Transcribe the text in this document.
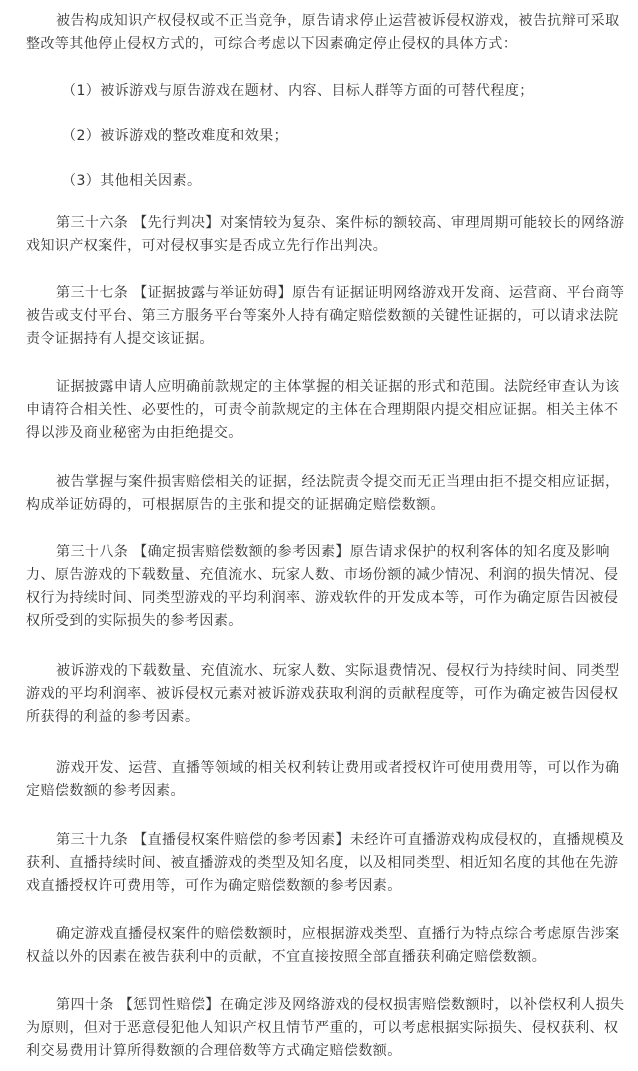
被告构成知识产权侵权或不正当竞争，原告请求停止运营被诉侵权游戏，被告抗辩可采取整改等其他停止侵权方式的，可综合考虑以下因素确定停止侵权的具体方式：

（1）被诉游戏与原告游戏在题材、内容、目标人群等方面的可替代程度；

（2）被诉游戏的整改难度和效果；

（3）其他相关因素。

第三十六条 【先行判决】对案情较为复杂、案件标的额较高、审理周期可能较长的网络游戏知识产权案件，可对侵权事实是否成立先行作出判决。

第三十七条 【证据披露与举证妨碍】原告有证据证明网络游戏开发商、运营商、平台商等被告或支付平台、第三方服务平台等案外人持有确定赔偿数额的关键性证据的，可以请求法院责令证据持有人提交该证据。

证据披露申请人应明确前款规定的主体掌握的相关证据的形式和范围。法院经审查认为该申请符合相关性、必要性的，可责令前款规定的主体在合理期限内提交相应证据。相关主体不得以涉及商业秘密为由拒绝提交。

被告掌握与案件损害赔偿相关的证据，经法院责令提交而无正当理由拒不提交相应证据，构成举证妨碍的，可根据原告的主张和提交的证据确定赔偿数额。

第三十八条 【确定损害赔偿数额的参考因素】原告请求保护的权利客体的知名度及影响力、原告游戏的下载数量、充值流水、玩家人数、市场份额的减少情况、利润的损失情况、侵权行为持续时间、同类型游戏的平均利润率、游戏软件的开发成本等，可作为确定原告因被侵权所受到的实际损失的参考因素。

被诉游戏的下载数量、充值流水、玩家人数、实际退费情况、侵权行为持续时间、同类型游戏的平均利润率、被诉侵权元素对被诉游戏获取利润的贡献程度等，可作为确定被告因侵权所获得的利益的参考因素。

游戏开发、运营、直播等领域的相关权利转让费用或者授权许可使用费用等，可以作为确定赔偿数额的参考因素。

第三十九条 【直播侵权案件赔偿的参考因素】未经许可直播游戏构成侵权的，直播规模及获利、直播持续时间、被直播游戏的类型及知名度，以及相同类型、相近知名度的其他在先游戏直播授权许可费用等，可作为确定赔偿数额的参考因素。

确定游戏直播侵权案件的赔偿数额时，应根据游戏类型、直播行为特点综合考虑原告涉案权益以外的因素在被告获利中的贡献，不宜直接按照全部直播获利确定赔偿数额。

第四十条 【惩罚性赔偿】在确定涉及网络游戏的侵权损害赔偿数额时，以补偿权利人损失为原则，但对于恶意侵犯他人知识产权且情节严重的，可以考虑根据实际损失、侵权获利、权利交易费用计算所得数额的合理倍数等方式确定赔偿数额。
